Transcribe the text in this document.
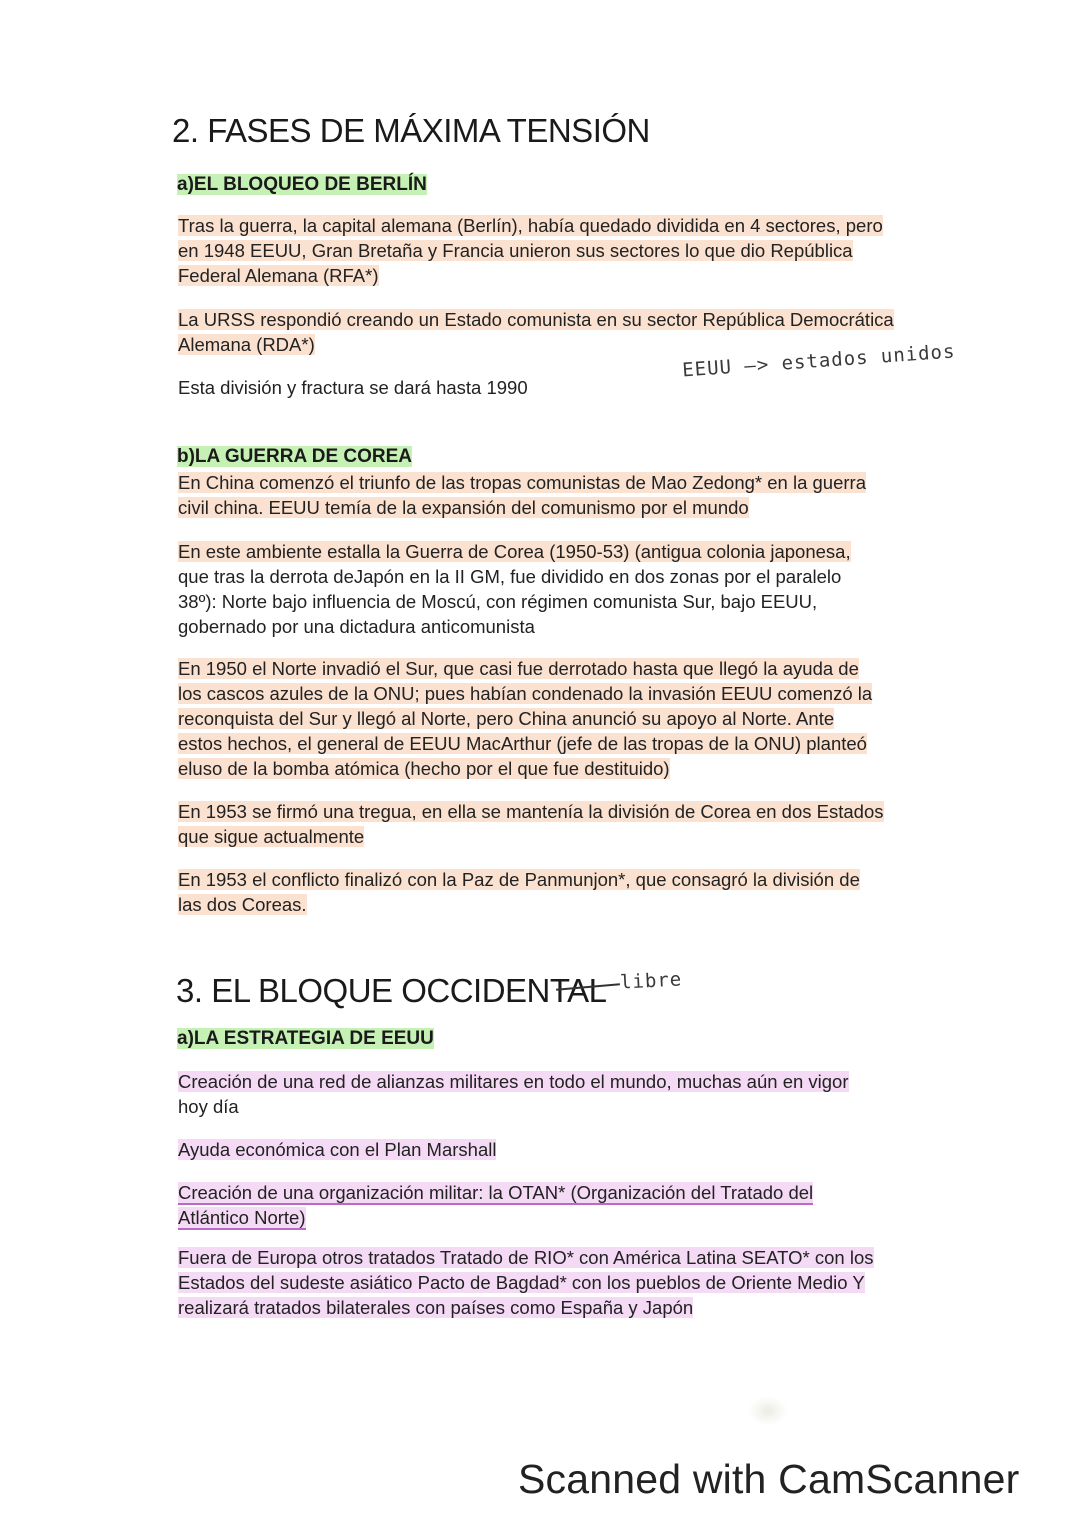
2. FASES DE MÁXIMA TENSIÓN
a)EL BLOQUEO DE BERLÍN
Tras la guerra, la capital alemana (Berlín), había quedado dividida en 4 sectores, pero
en 1948 EEUU, Gran Bretaña y Francia unieron sus sectores lo que dio República
Federal Alemana (RFA*)
La URSS respondió creando un Estado comunista en su sector República Democrática
Alemana (RDA*)
Esta división y fractura se dará hasta 1990
EEUU —> estados unidos
b)LA GUERRA DE COREA
En China comenzó el triunfo de las tropas comunistas de Mao Zedong* en la guerra
civil china. EEUU temía de la expansión del comunismo por el mundo
En este ambiente estalla la Guerra de Corea (1950-53) (antigua colonia japonesa,
que tras la derrota deJapón en la II GM, fue dividido en dos zonas por el paralelo
38º): Norte bajo influencia de Moscú, con régimen comunista Sur, bajo EEUU,
gobernado por una dictadura anticomunista
En 1950 el Norte invadió el Sur, que casi fue derrotado hasta que llegó la ayuda de
los cascos azules de la ONU; pues habían condenado la invasión EEUU comenzó la
reconquista del Sur y llegó al Norte, pero China anunció su apoyo al Norte. Ante
estos hechos, el general de EEUU MacArthur (jefe de las tropas de la ONU) planteó
eluso de la bomba atómica (hecho por el que fue destituido)
En 1953 se firmó una tregua, en ella se mantenía la división de Corea en dos Estados
que sigue actualmente
En 1953 el conflicto finalizó con la Paz de Panmunjon*, que consagró la división de
las dos Coreas.
3. EL BLOQUE OCCIDENTAL libre
a)LA ESTRATEGIA DE EEUU
Creación de una red de alianzas militares en todo el mundo, muchas aún en vigor
hoy día
Ayuda económica con el Plan Marshall
Creación de una organización militar: la OTAN* (Organización del Tratado del
Atlántico Norte)
Fuera de Europa otros tratados Tratado de RIO* con América Latina SEATO* con los
Estados del sudeste asiático Pacto de Bagdad* con los pueblos de Oriente Medio Y
realizará tratados bilaterales con países como España y Japón
Scanned with CamScanner
